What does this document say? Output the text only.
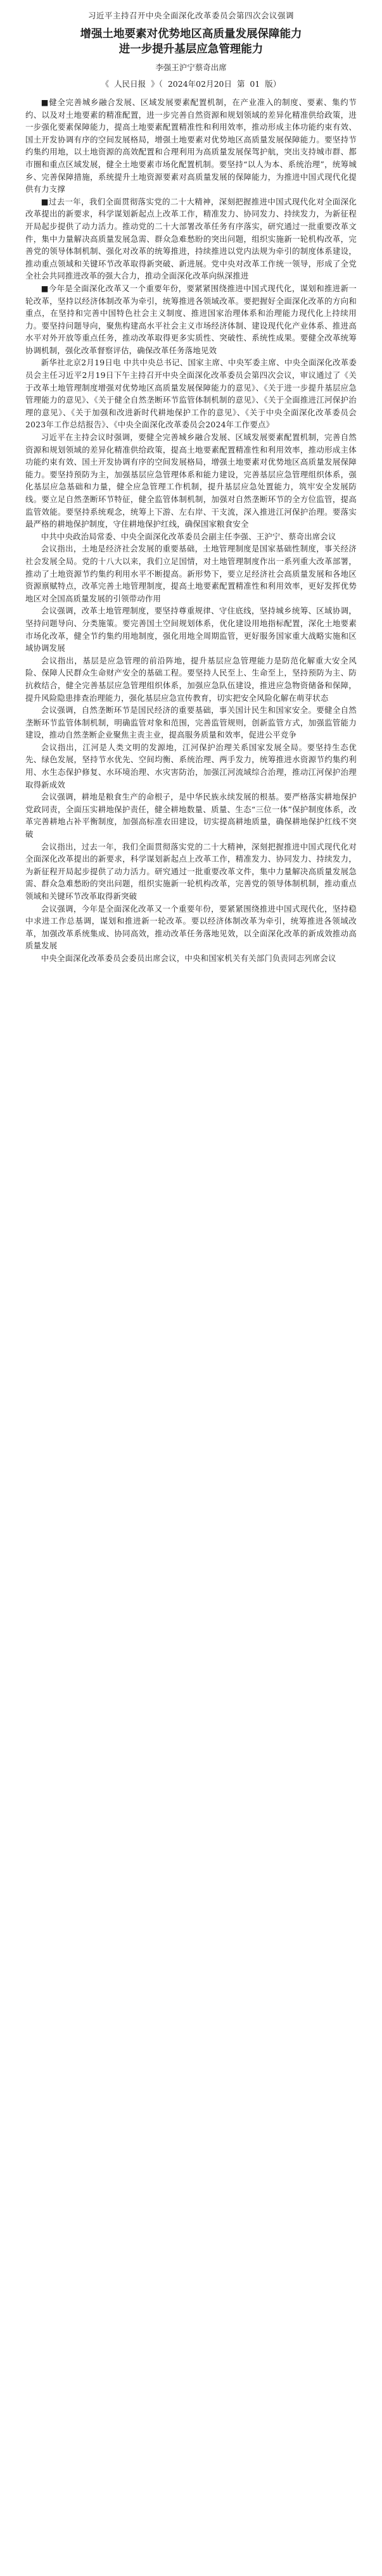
习近平主持召开中央全面深化改革委员会第四次会议强调
增强土地要素对优势地区高质量发展保障能力
进一步提升基层应急管理能力
李强王沪宁蔡奇出席
《 人民日报 》（ 2024年02月20日 第 01 版）

■健全完善城乡融合发展、区域发展要素配置机制，在产业准入的制度、要素、集约节约、以及对土地要素的精准配置，进一步完善自然资源和规划领域的差异化精准供给政策，进一步强化要素保障能力，提高土地要素配置精准性和利用效率，推动形成主体功能约束有效、国土开发协调有序的空间发展格局，增强土地要素对优势地区高质量发展保障能力。要坚持节约集约用地，以土地资源的高效配置和合理利用为高质量发展保驾护航，突出支持城市群、都市圈和重点区域发展，健全土地要素市场化配置机制。要坚持“以人为本、系统治理”，统筹城乡、完善保障措施，系统提升土地资源要素对高质量发展的保障能力，为推进中国式现代化提供有力支撑

■过去一年，我们全面贯彻落实党的二十大精神，深刻把握推进中国式现代化对全面深化改革提出的新要求，科学谋划新起点上改革工作，精准发力、协同发力、持续发力，为新征程开局起步提供了动力活力。推动党的二十大部署改革任务有序落实，研究通过一批重要改革文件，集中力量解决高质量发展急需、群众急难愁盼的突出问题，组织实施新一轮机构改革，完善党的领导体制机制、强化对改革的统筹推进，持续推进以党内法规为牵引的制度体系建设，推动重点领域和关键环节改革取得新突破、新进展。党中央对改革工作统一领导，形成了全党全社会共同推进改革的强大合力，推动全面深化改革向纵深推进

■今年是全面深化改革又一个重要年份，要紧紧围绕推进中国式现代化，谋划和推进新一轮改革，坚持以经济体制改革为牵引，统筹推进各领域改革。要把握好全面深化改革的方向和重点，在坚持和完善中国特色社会主义制度、推进国家治理体系和治理能力现代化上持续用力。要坚持问题导向，聚焦构建高水平社会主义市场经济体制、建设现代化产业体系、推进高水平对外开放等重点任务，推动改革取得更多实质性、突破性、系统性成果。要健全改革统筹协调机制，强化改革督察评估，确保改革任务落地见效

新华社北京2月19日电 中共中央总书记、国家主席、中央军委主席、中央全面深化改革委员会主任习近平2月19日下午主持召开中央全面深化改革委员会第四次会议，审议通过了《关于改革土地管理制度增强对优势地区高质量发展保障能力的意见》、《关于进一步提升基层应急管理能力的意见》、《关于健全自然垄断环节监管体制机制的意见》、《关于全面推进江河保护治理的意见》、《关于加强和改进新时代耕地保护工作的意见》、《关于中央全面深化改革委员会2023年工作总结报告》、《中央全面深化改革委员会2024年工作要点》

习近平在主持会议时强调，要健全完善城乡融合发展、区域发展要素配置机制，完善自然资源和规划领域的差异化精准供给政策，提高土地要素配置精准性和利用效率，推动形成主体功能约束有效、国土开发协调有序的空间发展格局，增强土地要素对优势地区高质量发展保障能力。要坚持预防为主，加强基层应急管理体系和能力建设，完善基层应急管理组织体系，强化基层应急基础和力量，健全应急管理工作机制，提升基层应急处置能力，筑牢安全发展防线。要立足自然垄断环节特征，健全监管体制机制，加强对自然垄断环节的全方位监管，提高监管效能。要坚持系统观念，统筹上下游、左右岸、干支流，深入推进江河保护治理。要落实最严格的耕地保护制度，守住耕地保护红线，确保国家粮食安全

中共中央政治局常委、中央全面深化改革委员会副主任李强、王沪宁、蔡奇出席会议

会议指出，土地是经济社会发展的重要基础，土地管理制度是国家基础性制度，事关经济社会发展全局。党的十八大以来，我们立足国情，对土地管理制度作出一系列重大改革部署，推动了土地资源节约集约利用水平不断提高。新形势下，要立足经济社会高质量发展和各地区资源禀赋特点，改革完善土地管理制度，提高土地要素配置精准性和利用效率，更好发挥优势地区对全国高质量发展的引领带动作用

会议强调，改革土地管理制度，要坚持尊重规律、守住底线，坚持城乡统筹、区域协调，坚持问题导向、分类施策。要完善国土空间规划体系，优化建设用地指标配置，深化土地要素市场化改革，健全节约集约用地制度，强化用地全周期监管，更好服务国家重大战略实施和区域协调发展

会议指出，基层是应急管理的前沿阵地，提升基层应急管理能力是防范化解重大安全风险、保障人民群众生命财产安全的基础工程。要坚持人民至上、生命至上，坚持预防为主、防抗救结合，健全完善基层应急管理组织体系，加强应急队伍建设，推进应急物资储备和保障，提升风险隐患排查治理能力，强化基层应急宣传教育，切实把安全风险化解在萌芽状态

会议强调，自然垄断环节是国民经济的重要基础，事关国计民生和国家安全。要健全自然垄断环节监管体制机制，明确监管对象和范围，完善监管规则，创新监管方式，加强监管能力建设，推动自然垄断企业聚焦主责主业，提高服务质量和效率，促进公平竞争

会议指出，江河是人类文明的发源地，江河保护治理关系国家发展全局。要坚持生态优先、绿色发展，坚持节水优先、空间均衡、系统治理、两手发力，统筹推进水资源节约集约利用、水生态保护修复、水环境治理、水灾害防治，加强江河流域综合治理，推动江河保护治理取得新成效

会议强调，耕地是粮食生产的命根子，是中华民族永续发展的根基。要严格落实耕地保护党政同责，全面压实耕地保护责任，健全耕地数量、质量、生态“三位一体”保护制度体系，改革完善耕地占补平衡制度，加强高标准农田建设，切实提高耕地质量，确保耕地保护红线不突破

会议指出，过去一年，我们全面贯彻落实党的二十大精神，深刻把握推进中国式现代化对全面深化改革提出的新要求，科学谋划新起点上改革工作，精准发力、协同发力、持续发力，为新征程开局起步提供了动力活力。研究通过一批重要改革文件，集中力量解决高质量发展急需、群众急难愁盼的突出问题，组织实施新一轮机构改革，完善党的领导体制机制，推动重点领域和关键环节改革取得新突破

会议强调，今年是全面深化改革又一个重要年份，要紧紧围绕推进中国式现代化，坚持稳中求进工作总基调，谋划和推进新一轮改革。要以经济体制改革为牵引，统筹推进各领域改革，加强改革系统集成、协同高效，推动改革任务落地见效，以全面深化改革的新成效推动高质量发展

中央全面深化改革委员会委员出席会议，中央和国家机关有关部门负责同志列席会议
